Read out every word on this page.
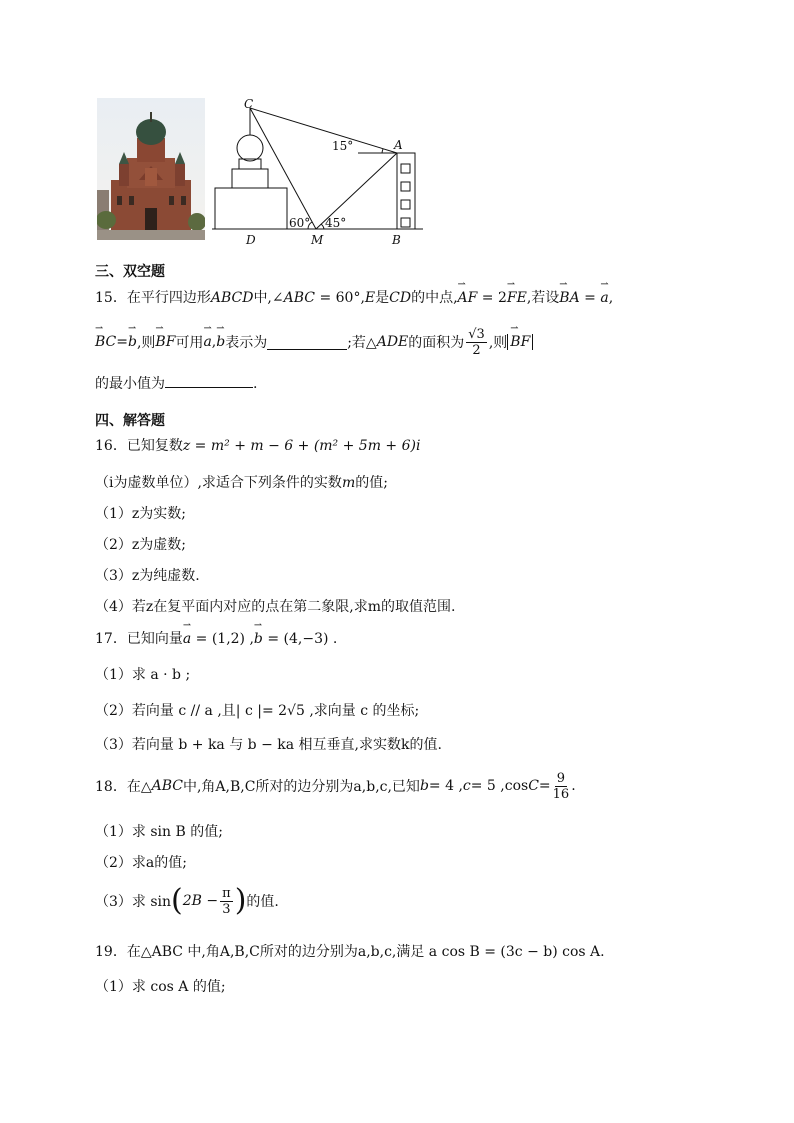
C
A
D	M	B
15°
60° 45°
三、双空题
15．在平行四边形ABCD中,∠ABC = 60°,E是CD的中点,⇀ AF = 2⇀ FE,若设⇀ BA = ⇀ a,
⇀ BC = ⇀ b ,则 ⇀ BF 可用 ⇀ a , ⇀ b 表示为	;若△ ADE 的面积为 $\frac{√3}{2}$ ,则 ⇀ BF
的最小值为	.
四、解答题
16．已知复数z = m² + m − 6 + (m² + 5m + 6)i
（i为虚数单位）,求适合下列条件的实数m的值;
（1）z为实数;
（2）z为虚数;
（3）z为纯虚数.
（4）若z在复平面内对应的点在第二象限,求m的取值范围.
17．已知向量⇀ a = (1,2) ,⇀ b = (4,−3) .
（1）求 a · b ;
（2）若向量 c // a ,且| c |= 2√5 ,求向量 c 的坐标;
（3）若向量 b + ka 与 b − ka 相互垂直,求实数k的值.
18．在△ ABC 中,角A,B,C所对的边分别为a,b,c,已知 b = 4 , c = 5 ,cos $C = \frac{9}{16}$ .
（1）求 sin B 的值;
（2）求a的值;
（3）求 sin ( $2B - \frac{\pi}{3}$ ) 的值.
19．在△ABC 中,角A,B,C所对的边分别为a,b,c,满足 a cos B = (3c − b) cos A.
（1）求 cos A 的值;
